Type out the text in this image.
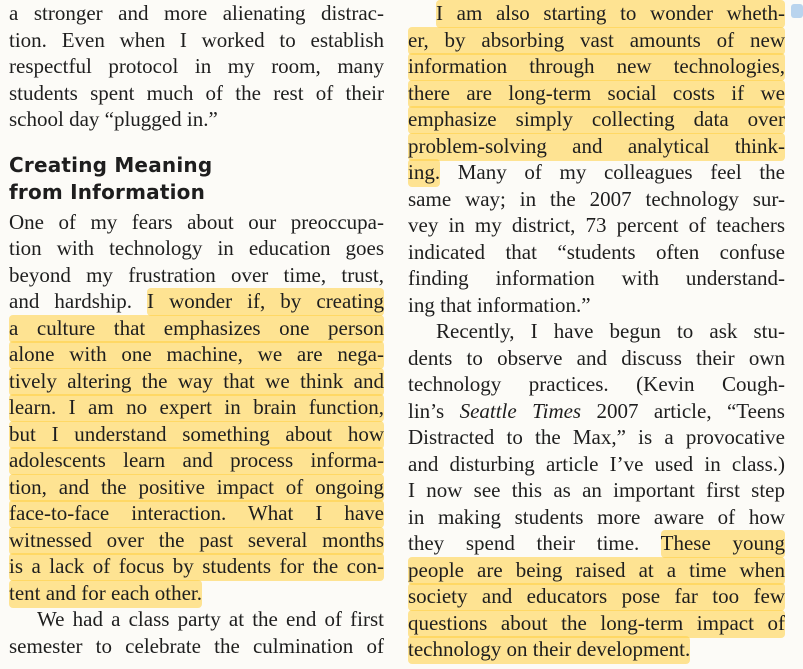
a stronger and more alienating distrac-
tion. Even when I worked to establish
respectful protocol in my room, many
students spent much of the rest of their
school day “plugged in.”
Creating Meaning
from Information
One of my fears about our preoccupa-
tion with technology in education goes
beyond my frustration over time, trust,
and hardship. I wonder if, by creating
a culture that emphasizes one person
alone with one machine, we are nega-
tively altering the way that we think and
learn. I am no expert in brain function,
but I understand something about how
adolescents learn and process informa-
tion, and the positive impact of ongoing
face-to-face interaction. What I have
witnessed over the past several months
is a lack of focus by students for the con-
tent and for each other.
We had a class party at the end of first
semester to celebrate the culmination of
I am also starting to wonder wheth-
er, by absorbing vast amounts of new
information through new technologies,
there are long-term social costs if we
emphasize simply collecting data over
problem-solving and analytical think-
ing. Many of my colleagues feel the
same way; in the 2007 technology sur-
vey in my district, 73 percent of teachers
indicated that “students often confuse
finding information with understand-
ing that information.”
Recently, I have begun to ask stu-
dents to observe and discuss their own
technology practices. (Kevin Cough-
lin’s Seattle Times 2007 article, “Teens
Distracted to the Max,” is a provocative
and disturbing article I’ve used in class.)
I now see this as an important first step
in making students more aware of how
they spend their time. These young
people are being raised at a time when
society and educators pose far too few
questions about the long-term impact of
technology on their development.
